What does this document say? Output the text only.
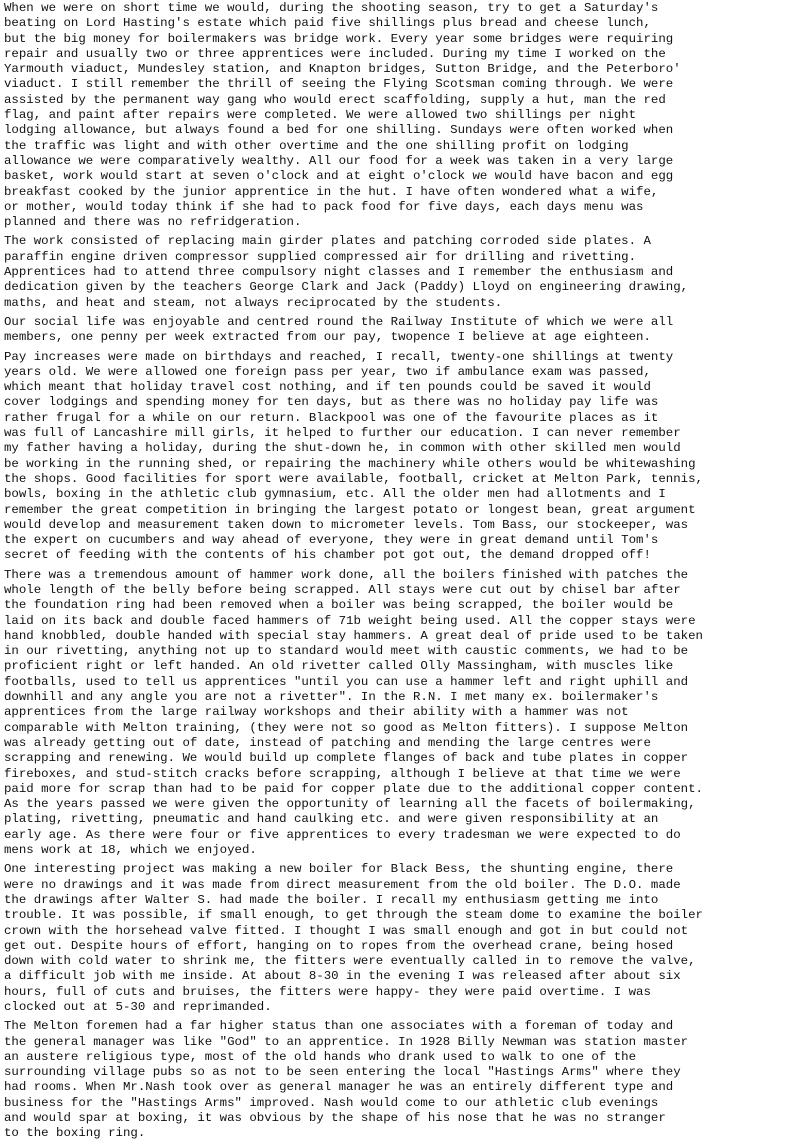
When we were on short time we would, during the shooting season, try to get a Saturday's
beating on Lord Hasting's estate which paid five shillings plus bread and cheese lunch,
but the big money for boilermakers was bridge work. Every year some bridges were requiring
repair and usually two or three apprentices were included. During my time I worked on the
Yarmouth viaduct, Mundesley station, and Knapton bridges, Sutton Bridge, and the Peterboro'
viaduct. I still remember the thrill of seeing the Flying Scotsman coming through. We were
assisted by the permanent way gang who would erect scaffolding, supply a hut, man the red
flag, and paint after repairs were completed. We were allowed two shillings per night
lodging allowance, but always found a bed for one shilling. Sundays were often worked when
the traffic was light and with other overtime and the one shilling profit on lodging
allowance we were comparatively wealthy. All our food for a week was taken in a very large
basket, work would start at seven o'clock and at eight o'clock we would have bacon and egg
breakfast cooked by the junior apprentice in the hut. I have often wondered what a wife,
or mother, would today think if she had to pack food for five days, each days menu was
planned and there was no refridgeration.
The work consisted of replacing main girder plates and patching corroded side plates. A
paraffin engine driven compressor supplied compressed air for drilling and rivetting.
Apprentices had to attend three compulsory night classes and I remember the enthusiasm and
dedication given by the teachers George Clark and Jack (Paddy) Lloyd on engineering drawing,
maths, and heat and steam, not always reciprocated by the students.
Our social life was enjoyable and centred round the Railway Institute of which we were all
members, one penny per week extracted from our pay, twopence I believe at age eighteen.
Pay increases were made on birthdays and reached, I recall, twenty-one shillings at twenty
years old. We were allowed one foreign pass per year, two if ambulance exam was passed,
which meant that holiday travel cost nothing, and if ten pounds could be saved it would
cover lodgings and spending money for ten days, but as there was no holiday pay life was
rather frugal for a while on our return. Blackpool was one of the favourite places as it
was full of Lancashire mill girls, it helped to further our education. I can never remember
my father having a holiday, during the shut-down he, in common with other skilled men would
be working in the running shed, or repairing the machinery while others would be whitewashing
the shops. Good facilities for sport were available, football, cricket at Melton Park, tennis,
bowls, boxing in the athletic club gymnasium, etc. All the older men had allotments and I
remember the great competition in bringing the largest potato or longest bean, great argument
would develop and measurement taken down to micrometer levels. Tom Bass, our stockeeper, was
the expert on cucumbers and way ahead of everyone, they were in great demand until Tom's
secret of feeding with the contents of his chamber pot got out, the demand dropped off!
There was a tremendous amount of hammer work done, all the boilers finished with patches the
whole length of the belly before being scrapped. All stays were cut out by chisel bar after
the foundation ring had been removed when a boiler was being scrapped, the boiler would be
laid on its back and double faced hammers of 71b weight being used. All the copper stays were
hand knobbled, double handed with special stay hammers. A great deal of pride used to be taken
in our rivetting, anything not up to standard would meet with caustic comments, we had to be
proficient right or left handed. An old rivetter called Olly Massingham, with muscles like
footballs, used to tell us apprentices "until you can use a hammer left and right uphill and
downhill and any angle you are not a rivetter". In the R.N. I met many ex. boilermaker's
apprentices from the large railway workshops and their ability with a hammer was not
comparable with Melton training, (they were not so good as Melton fitters). I suppose Melton
was already getting out of date, instead of patching and mending the large centres were
scrapping and renewing. We would build up complete flanges of back and tube plates in copper
fireboxes, and stud-stitch cracks before scrapping, although I believe at that time we were
paid more for scrap than had to be paid for copper plate due to the additional copper content.
As the years passed we were given the opportunity of learning all the facets of boilermaking,
plating, rivetting, pneumatic and hand caulking etc. and were given responsibility at an
early age. As there were four or five apprentices to every tradesman we were expected to do
mens work at 18, which we enjoyed.
One interesting project was making a new boiler for Black Bess, the shunting engine, there
were no drawings and it was made from direct measurement from the old boiler. The D.O. made
the drawings after Walter S. had made the boiler. I recall my enthusiasm getting me into
trouble. It was possible, if small enough, to get through the steam dome to examine the boiler
crown with the horsehead valve fitted. I thought I was small enough and got in but could not
get out. Despite hours of effort, hanging on to ropes from the overhead crane, being hosed
down with cold water to shrink me, the fitters were eventually called in to remove the valve,
a difficult job with me inside. At about 8-30 in the evening I was released after about six
hours, full of cuts and bruises, the fitters were happy- they were paid overtime. I was
clocked out at 5-30 and reprimanded.
The Melton foremen had a far higher status than one associates with a foreman of today and
the general manager was like "God" to an apprentice. In 1928 Billy Newman was station master
an austere religious type, most of the old hands who drank used to walk to one of the
surrounding village pubs so as not to be seen entering the local "Hastings Arms" where they
had rooms. When Mr.Nash took over as general manager he was an entirely different type and
business for the "Hastings Arms" improved. Nash would come to our athletic club evenings
and would spar at boxing, it was obvious by the shape of his nose that he was no stranger
to the boxing ring.
